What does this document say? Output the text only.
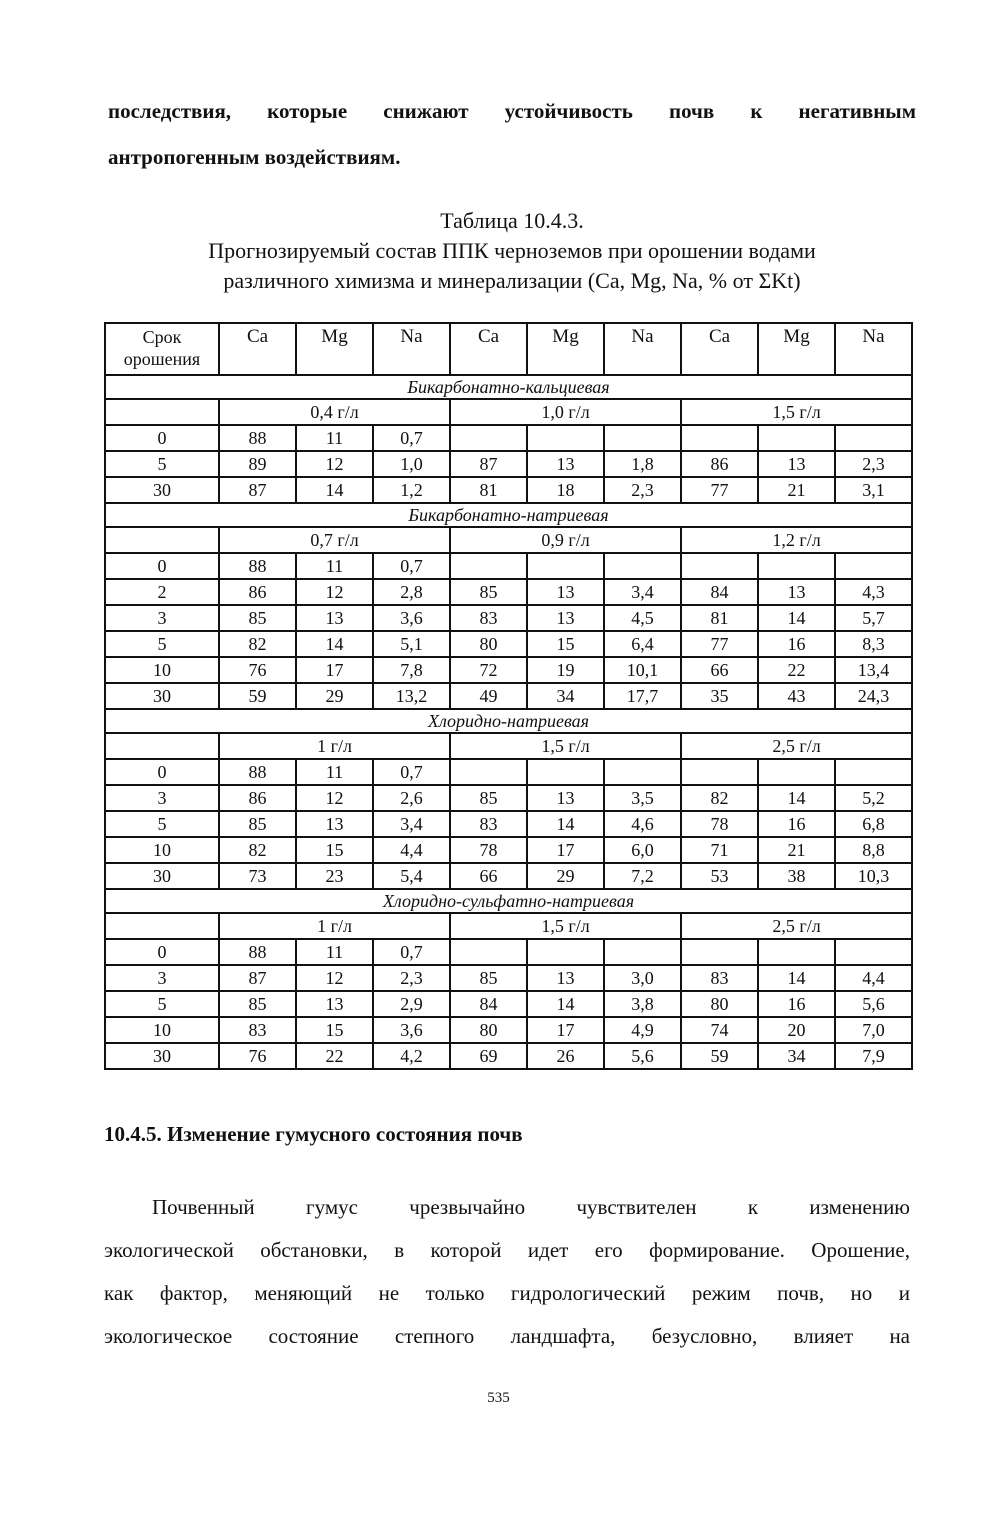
последствия, которые снижают устойчивость почв к негативным
антропогенным воздействиям.
Таблица 10.4.3.
Прогнозируемый состав ППК черноземов при орошении водами различного химизма и минерализации (Ca, Mg, Na, % от ΣKt)
Срок орошения	Ca	Mg	Na	Ca	Mg	Na	Ca	Mg	Na
Бикарбонатно-кальциевая									
	0,4 г/л			1,0 г/л			1,5 г/л		
0	88	11	0,7						
5	89	12	1,0	87	13	1,8	86	13	2,3
30	87	14	1,2	81	18	2,3	77	21	3,1
Бикарбонатно-натриевая									
	0,7 г/л			0,9 г/л			1,2 г/л		
0	88	11	0,7						
2	86	12	2,8	85	13	3,4	84	13	4,3
3	85	13	3,6	83	13	4,5	81	14	5,7
5	82	14	5,1	80	15	6,4	77	16	8,3
10	76	17	7,8	72	19	10,1	66	22	13,4
30	59	29	13,2	49	34	17,7	35	43	24,3
Хлоридно-натриевая									
	1 г/л			1,5 г/л			2,5 г/л		
0	88	11	0,7						
3	86	12	2,6	85	13	3,5	82	14	5,2
5	85	13	3,4	83	14	4,6	78	16	6,8
10	82	15	4,4	78	17	6,0	71	21	8,8
30	73	23	5,4	66	29	7,2	53	38	10,3
Хлоридно-сульфатно-натриевая									
	1 г/л			1,5 г/л			2,5 г/л		
0	88	11	0,7						
3	87	12	2,3	85	13	3,0	83	14	4,4
5	85	13	2,9	84	14	3,8	80	16	5,6
10	83	15	3,6	80	17	4,9	74	20	7,0
30	76	22	4,2	69	26	5,6	59	34	7,9
10.4.5. Изменение гумусного состояния почв
Почвенный гумус чрезвычайно чувствителен к изменению
экологической обстановки, в которой идет его формирование. Орошение,
как фактор, меняющий не только гидрологический режим почв, но и
экологическое состояние степного ландшафта, безусловно, влияет на
535
